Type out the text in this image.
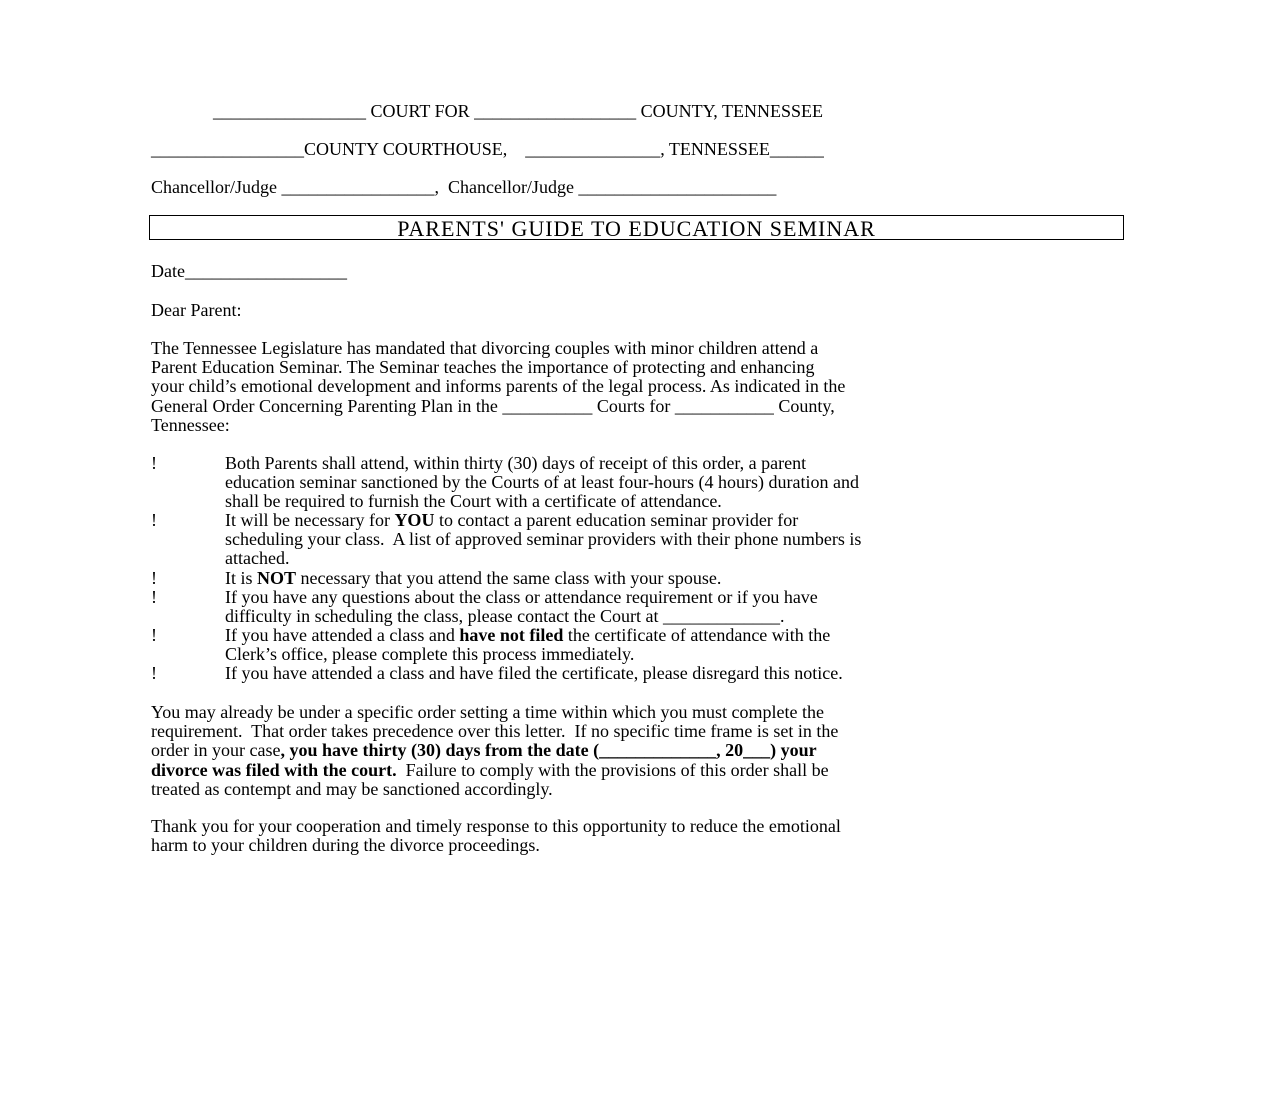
_________________ COURT FOR __________________ COUNTY, TENNESSEE
_________________COUNTY COURTHOUSE,    _______________, TENNESSEE______
Chancellor/Judge _________________,  Chancellor/Judge ______________________
PARENTS' GUIDE TO EDUCATION SEMINAR
Date__________________
Dear Parent:
The Tennessee Legislature has mandated that divorcing couples with minor children attend a
Parent Education Seminar. The Seminar teaches the importance of protecting and enhancing
your child’s emotional development and informs parents of the legal process. As indicated in the
General Order Concerning Parenting Plan in the __________ Courts for ___________ County,
Tennessee:
!	Both Parents shall attend, within thirty (30) days of receipt of this order, a parent
education seminar sanctioned by the Courts of at least four-hours (4 hours) duration and
shall be required to furnish the Court with a certificate of attendance.
!	It will be necessary for YOU to contact a parent education seminar provider for
scheduling your class.  A list of approved seminar providers with their phone numbers is
attached.
!	It is NOT necessary that you attend the same class with your spouse.
!	If you have any questions about the class or attendance requirement or if you have
difficulty in scheduling the class, please contact the Court at _____________.
!	If you have attended a class and have not filed the certificate of attendance with the
Clerk’s office, please complete this process immediately.
!	If you have attended a class and have filed the certificate, please disregard this notice.
You may already be under a specific order setting a time within which you must complete the
requirement.  That order takes precedence over this letter.  If no specific time frame is set in the
order in your case, you have thirty (30) days from the date (_____________, 20___) your
divorce was filed with the court.  Failure to comply with the provisions of this order shall be
treated as contempt and may be sanctioned accordingly.
Thank you for your cooperation and timely response to this opportunity to reduce the emotional
harm to your children during the divorce proceedings.
